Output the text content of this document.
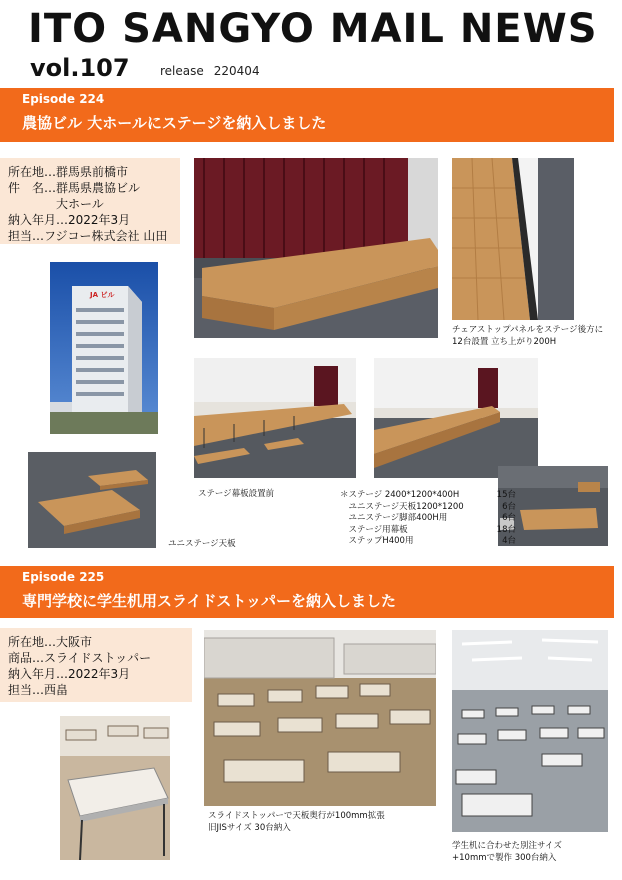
ITO SANGYO MAIL NEWS
vol.107	release 220404
Episode 224
農協ビル 大ホールにステージを納入しました
所在地…群馬県前橋市
件　名…群馬県農協ビル
　　　　大ホール
納入年月…2022年3月
担当…フジコー株式会社 山田
JA ビル
チェアストップパネルをステージ後方に
12台設置 立ち上がり200H
ステージ幕板設置前	＊ステージ 2400*1200*400H	15台
　ユニステージ天板1200*1200	6台
　ユニステージ脚部400H用	6台
　ステージ用幕板	18台
　ステップH400用	4台
ユニステージ天板
Episode 225
専門学校に学生机用スライドストッパーを納入しました
所在地…大阪市
商品…スライドストッパー
納入年月…2022年3月
担当…西畠
スライドストッパーで天板奥行が100mm拡張
旧JISサイズ 30台納入
学生机に合わせた別注サイズ
+10mmで製作 300台納入
